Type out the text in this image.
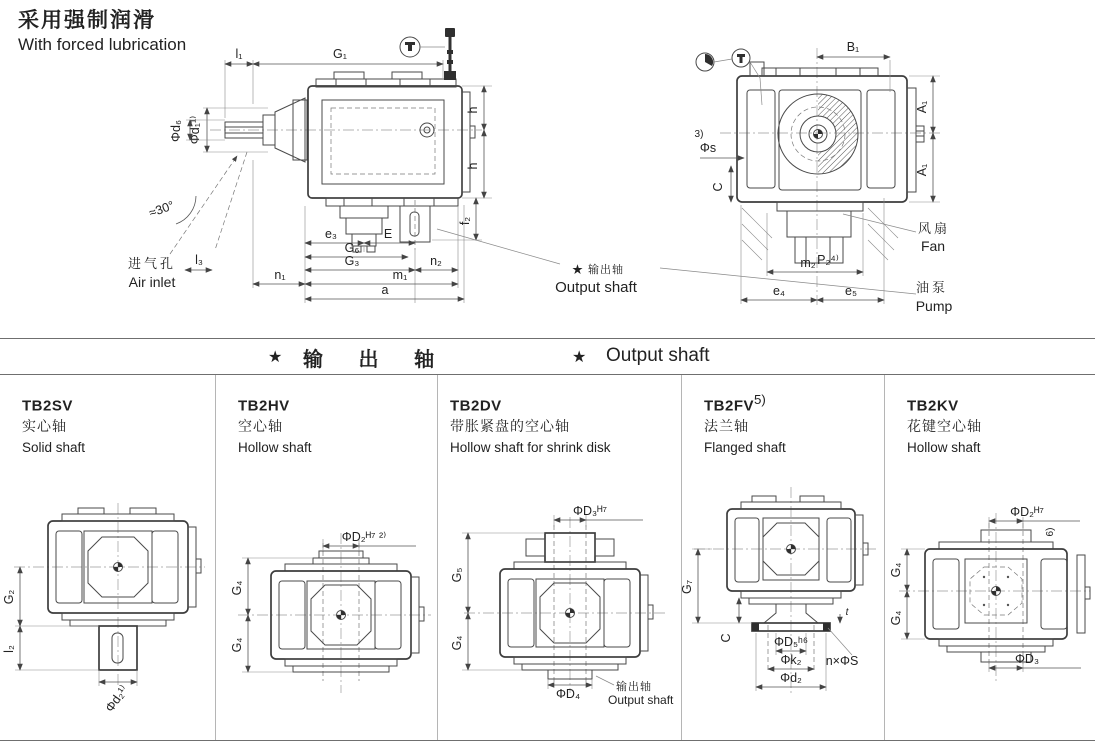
采用强制润滑
With forced lubrication
≈30°
进气孔
Air inlet
l₁	G₁
Φd₁¹⁾
Φd₆
h
h
f₂
e₃	E
G₆
l₃	G₃	n₂
n₁	m₁
a
★ 输出轴
Output shaft
B₁
A₁
A₁
3)
Φs
C
P₂⁴⁾
m₂
e₄	e₅
风扇
Fan
油泵
Pump
★ 输 出 轴	★ Output shaft
TB2SV
实心轴
Solid shaft
G₂
l₂
Φd₂¹⁾
TB2HV
空心轴
Hollow shaft
ΦD₂ᴴ⁷ ²⁾
G₄
G₄
TB2DV
带胀紧盘的空心轴
Hollow shaft for shrink disk
ΦD₃ᴴ⁷
G₅
G₄
ΦD₄	输出轴
Output shaft
TB2FV$^{5)}$
法兰轴
Flanged shaft
ΦD₅ʰ⁶
Φk₂
Φd₂
t
n×ΦS
C
G₇
TB2KV
花键空心轴
Hollow shaft
ΦD₂ᴴ⁷
6)
G₄
G₄
ΦD₃
